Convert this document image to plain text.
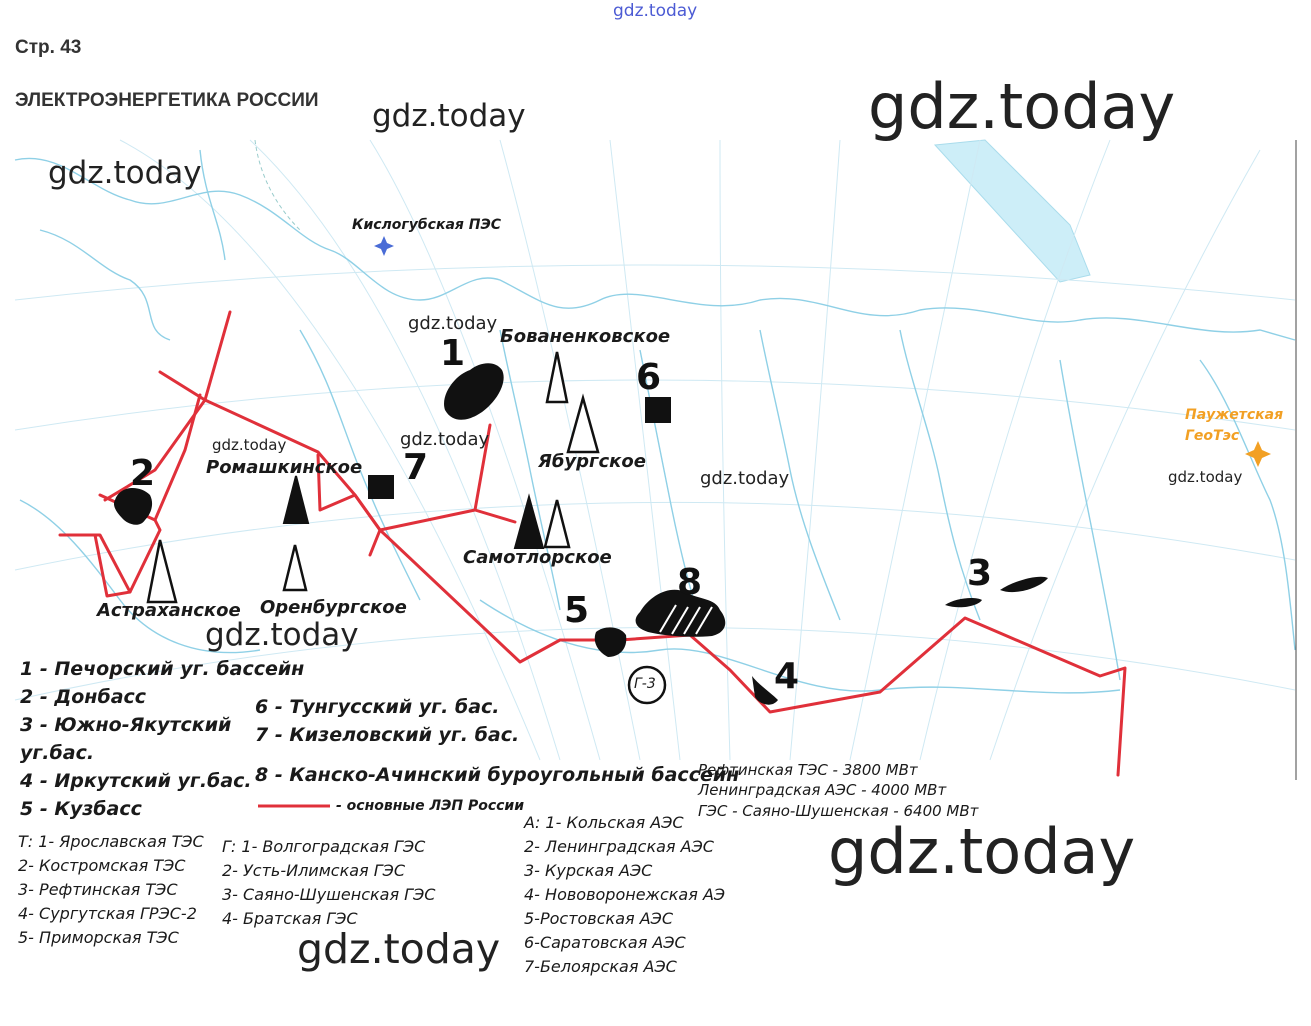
gdz.today
Стр. 43
ЭЛЕКТРОЭНЕРГЕТИКА РОССИИ gdz.today	gdz.today
gdz.today
gdz.today
gdz.today	gdz.today
gdz.today	gdz.today
gdz.today
gdz.today
gdz.today
Кислогубская ПЭС
Паужетская ГеоТэс
Бованенковское
Ябургское
Ромашкинское
Самотлорское
Астраханское Оренбургское
Г-3
1
2
3
4
5
6
7
8
1 - Печорский уг. бассейн
2 - Донбасс
3 - Южно-Якутский
уг.бас.
4 - Иркутский уг.бас.
5 - Кузбасс
6 - Тунгусский уг. бас.
7 - Кизеловский уг. бас.
8 - Канско-Ачинский буроугольный бассейн
- основные ЛЭП России
Рефтинская ТЭС - 3800 МВт
Ленинградская АЭС - 4000 МВт
ГЭС - Саяно-Шушенская - 6400 МВт
Т: 1- Ярославская ТЭС
2- Костромская ТЭС
3- Рефтинская ТЭС
4- Сургутская ГРЭС-2
5- Приморская ТЭС
Г: 1- Волгоградская ГЭС
2- Усть-Илимская ГЭС
3- Саяно-Шушенская ГЭС
4- Братская ГЭС
А: 1- Кольская АЭС
2- Ленинградская АЭС
3- Курская АЭС
4- Нововоронежская АЭ
5-Ростовская АЭС
6-Саратовская АЭС
7-Белоярская АЭС
